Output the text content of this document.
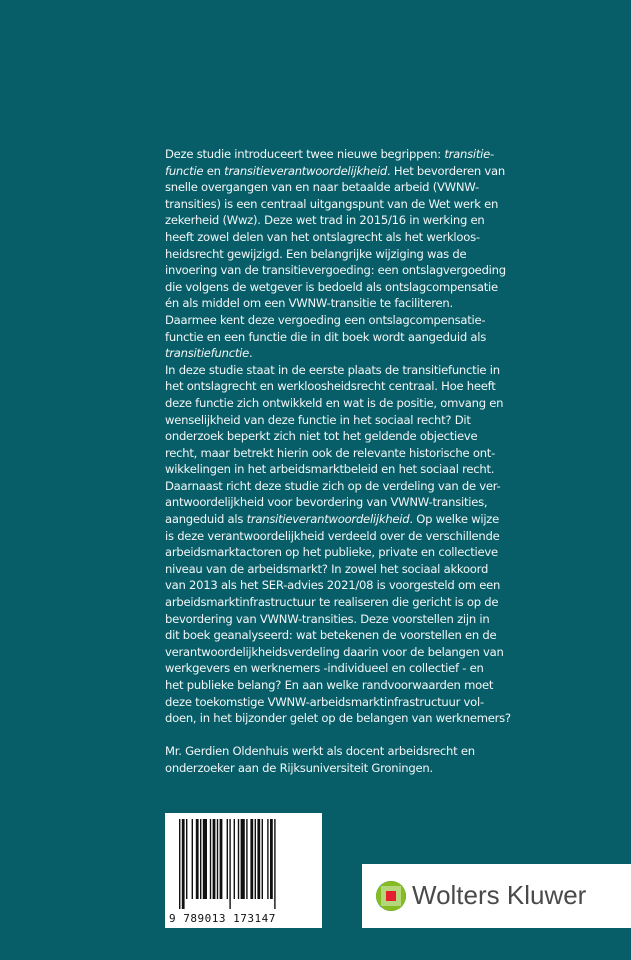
Deze studie introduceert twee nieuwe begrippen: transitie-
functie en transitieverantwoordelijkheid. Het bevorderen van
snelle overgangen van en naar betaalde arbeid (VWNW-
transities) is een centraal uitgangspunt van de Wet werk en
zekerheid (Wwz). Deze wet trad in 2015/16 in werking en
heeft zowel delen van het ontslagrecht als het werkloos-
heidsrecht gewijzigd. Een belangrijke wijziging was de
invoering van de transitievergoeding: een ontslagvergoeding
die volgens de wetgever is bedoeld als ontslagcompensatie
én als middel om een VWNW-transitie te faciliteren.
Daarmee kent deze vergoeding een ontslagcompensatie-
functie en een functie die in dit boek wordt aangeduid als
transitiefunctie.
In deze studie staat in de eerste plaats de transitiefunctie in
het ontslagrecht en werkloosheidsrecht centraal. Hoe heeft
deze functie zich ontwikkeld en wat is de positie, omvang en
wenselijkheid van deze functie in het sociaal recht? Dit
onderzoek beperkt zich niet tot het geldende objectieve
recht, maar betrekt hierin ook de relevante historische ont-
wikkelingen in het arbeidsmarktbeleid en het sociaal recht.
Daarnaast richt deze studie zich op de verdeling van de ver-
antwoordelijkheid voor bevordering van VWNW-transities,
aangeduid als transitieverantwoordelijkheid. Op welke wijze
is deze verantwoordelijkheid verdeeld over de verschillende
arbeidsmarktactoren op het publieke, private en collectieve
niveau van de arbeidsmarkt? In zowel het sociaal akkoord
van 2013 als het SER-advies 2021/08 is voorgesteld om een
arbeidsmarktinfrastructuur te realiseren die gericht is op de
bevordering van VWNW-transities. Deze voorstellen zijn in
dit boek geanalyseerd: wat betekenen de voorstellen en de
verantwoordelijkheidsverdeling daarin voor de belangen van
werkgevers en werknemers -individueel en collectief - en
het publieke belang? En aan welke randvoorwaarden moet
deze toekomstige VWNW-arbeidsmarktinfrastructuur vol-
doen, in het bijzonder gelet op de belangen van werknemers?
Mr. Gerdien Oldenhuis werkt als docent arbeidsrecht en
onderzoeker aan de Rijksuniversiteit Groningen.
9 789013 173147
Wolters Kluwer
